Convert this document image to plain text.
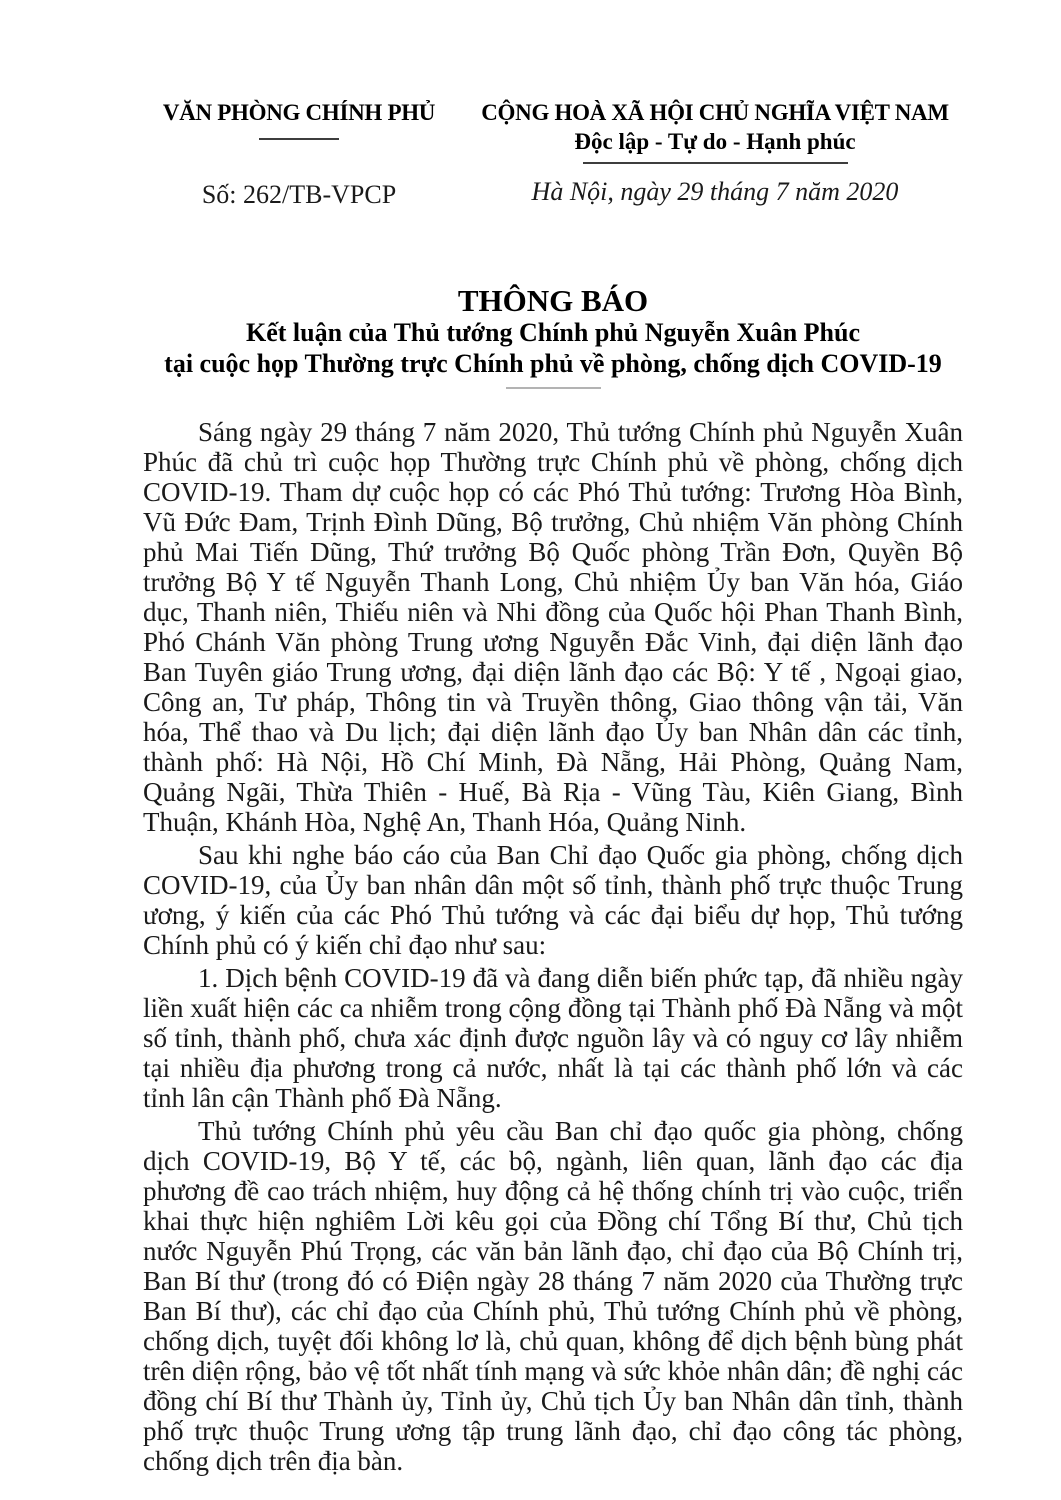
VĂN PHÒNG CHÍNH PHỦ
Số: 262/TB-VPCP
CỘNG HOÀ XÃ HỘI CHỦ NGHĨA VIỆT NAM
Độc lập - Tự do - Hạnh phúc
Hà Nội, ngày 29 tháng 7 năm 2020
THÔNG BÁO
Kết luận của Thủ tướng Chính phủ Nguyễn Xuân Phúc
tại cuộc họp Thường trực Chính phủ về phòng, chống dịch COVID-19

Sáng ngày 29 tháng 7 năm 2020, Thủ tướng Chính phủ Nguyễn Xuân Phúc đã chủ trì cuộc họp Thường trực Chính phủ về phòng, chống dịch COVID-19. Tham dự cuộc họp có các Phó Thủ tướng: Trương Hòa Bình, Vũ Đức Đam, Trịnh Đình Dũng, Bộ trưởng, Chủ nhiệm Văn phòng Chính phủ Mai Tiến Dũng, Thứ trưởng Bộ Quốc phòng Trần Đơn, Quyền Bộ trưởng Bộ Y tế Nguyễn Thanh Long, Chủ nhiệm Ủy ban Văn hóa, Giáo dục, Thanh niên, Thiếu niên và Nhi đồng của Quốc hội Phan Thanh Bình, Phó Chánh Văn phòng Trung ương Nguyễn Đắc Vinh, đại diện lãnh đạo Ban Tuyên giáo Trung ương, đại diện lãnh đạo các Bộ: Y tế , Ngoại giao, Công an, Tư pháp, Thông tin và Truyền thông, Giao thông vận tải, Văn hóa, Thể thao và Du lịch; đại diện lãnh đạo Ủy ban Nhân dân các tỉnh, thành phố: Hà Nội, Hồ Chí Minh, Đà Nẵng, Hải Phòng, Quảng Nam, Quảng Ngãi, Thừa Thiên - Huế, Bà Rịa - Vũng Tàu, Kiên Giang, Bình Thuận, Khánh Hòa, Nghệ An, Thanh Hóa, Quảng Ninh.

Sau khi nghe báo cáo của Ban Chỉ đạo Quốc gia phòng, chống dịch COVID-19, của Ủy ban nhân dân một số tỉnh, thành phố trực thuộc Trung ương, ý kiến của các Phó Thủ tướng và các đại biểu dự họp, Thủ tướng Chính phủ có ý kiến chỉ đạo như sau:

1. Dịch bệnh COVID-19 đã và đang diễn biến phức tạp, đã nhiều ngày liền xuất hiện các ca nhiễm trong cộng đồng tại Thành phố Đà Nẵng và một số tỉnh, thành phố, chưa xác định được nguồn lây và có nguy cơ lây nhiễm tại nhiều địa phương trong cả nước, nhất là tại các thành phố lớn và các tỉnh lân cận Thành phố Đà Nẵng.

Thủ tướng Chính phủ yêu cầu Ban chỉ đạo quốc gia phòng, chống dịch COVID-19, Bộ Y tế, các bộ, ngành, liên quan, lãnh đạo các địa phương đề cao trách nhiệm, huy động cả hệ thống chính trị vào cuộc, triển khai thực hiện nghiêm Lời kêu gọi của Đồng chí Tổng Bí thư, Chủ tịch nước Nguyễn Phú Trọng, các văn bản lãnh đạo, chỉ đạo của Bộ Chính trị, Ban Bí thư (trong đó có Điện ngày 28 tháng 7 năm 2020 của Thường trực Ban Bí thư), các chỉ đạo của Chính phủ, Thủ tướng Chính phủ về phòng, chống dịch, tuyệt đối không lơ là, chủ quan, không để dịch bệnh bùng phát trên diện rộng, bảo vệ tốt nhất tính mạng và sức khỏe nhân dân; đề nghị các đồng chí Bí thư Thành ủy, Tỉnh ủy, Chủ tịch Ủy ban Nhân dân tỉnh, thành phố trực thuộc Trung ương tập trung lãnh đạo, chỉ đạo công tác phòng, chống dịch trên địa bàn.
